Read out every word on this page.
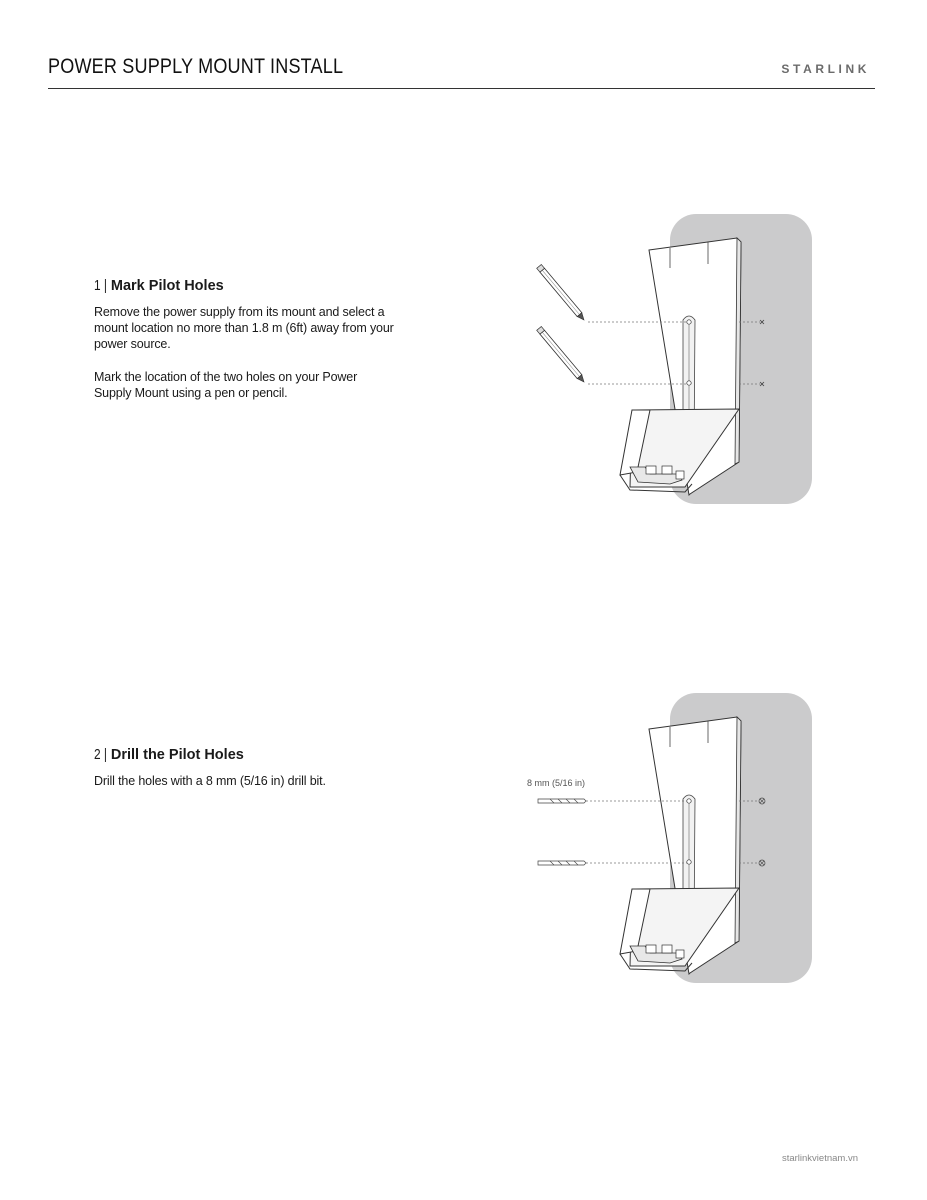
POWER SUPPLY MOUNT INSTALL	STARLINK
1 | Mark Pilot Holes

Remove the power supply from its mount and select a mount location no more than 1.8 m (6ft) away from your power source.

Mark the location of the two holes on your Power Supply Mount using a pen or pencil.

2 | Drill the Pilot Holes

Drill the holes with a 8 mm (5/16 in) drill bit.	8 mm (5/16 in)
starlinkvietnam.vn
